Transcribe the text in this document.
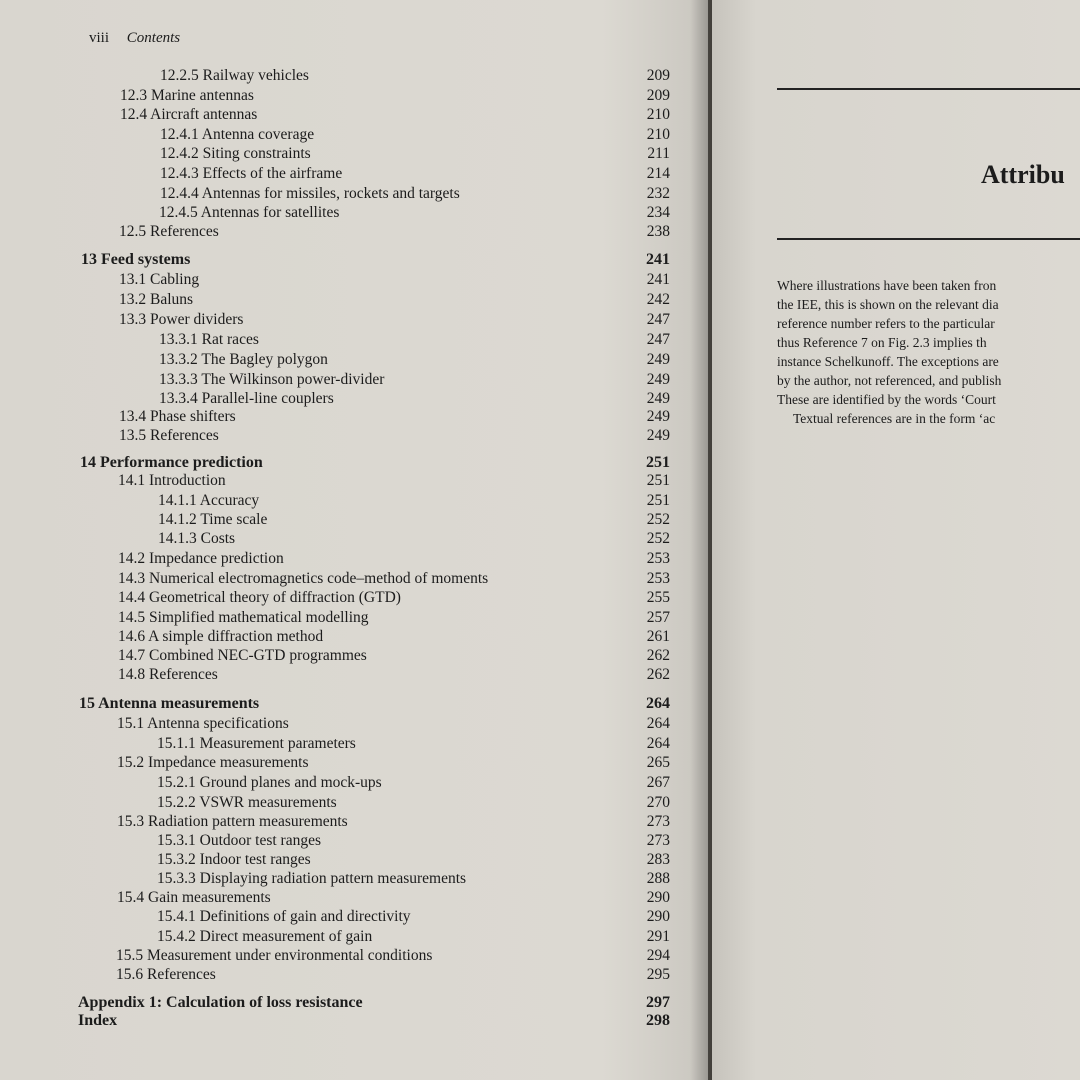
viii Contents
12.2.5 Railway vehicles	209
12.3 Marine antennas	209
12.4 Aircraft antennas	210
12.4.1 Antenna coverage	210
12.4.2 Siting constraints	211
12.4.3 Effects of the airframe	214
12.4.4 Antennas for missiles, rockets and targets	232
12.4.5 Antennas for satellites	234
12.5 References	238
13 Feed systems	241
13.1 Cabling	241
13.2 Baluns	242
13.3 Power dividers	247
13.3.1 Rat races	247
13.3.2 The Bagley polygon	249
13.3.3 The Wilkinson power-divider	249
13.3.4 Parallel-line couplers	249
13.4 Phase shifters	249
13.5 References	249
14 Performance prediction	251
14.1 Introduction	251
14.1.1 Accuracy	251
14.1.2 Time scale	252
14.1.3 Costs	252
14.2 Impedance prediction	253
14.3 Numerical electromagnetics code–method of moments	253
14.4 Geometrical theory of diffraction (GTD)	255
14.5 Simplified mathematical modelling	257
14.6 A simple diffraction method	261
14.7 Combined NEC-GTD programmes	262
14.8 References	262
15 Antenna measurements	264
15.1 Antenna specifications	264
15.1.1 Measurement parameters	264
15.2 Impedance measurements	265
15.2.1 Ground planes and mock-ups	267
15.2.2 VSWR measurements	270
15.3 Radiation pattern measurements	273
15.3.1 Outdoor test ranges	273
15.3.2 Indoor test ranges	283
15.3.3 Displaying radiation pattern measurements	288
15.4 Gain measurements	290
15.4.1 Definitions of gain and directivity	290
15.4.2 Direct measurement of gain	291
15.5 Measurement under environmental conditions	294
15.6 References	295
Appendix 1: Calculation of loss resistance	297
Index	298
Attribu
Where illustrations have been taken fron
the IEE, this is shown on the relevant dia
reference number refers to the particular
thus Reference 7 on Fig. 2.3 implies th
instance Schelkunoff. The exceptions are
by the author, not referenced, and publish
These are identified by the words ‘Court
Textual references are in the form ‘ac
